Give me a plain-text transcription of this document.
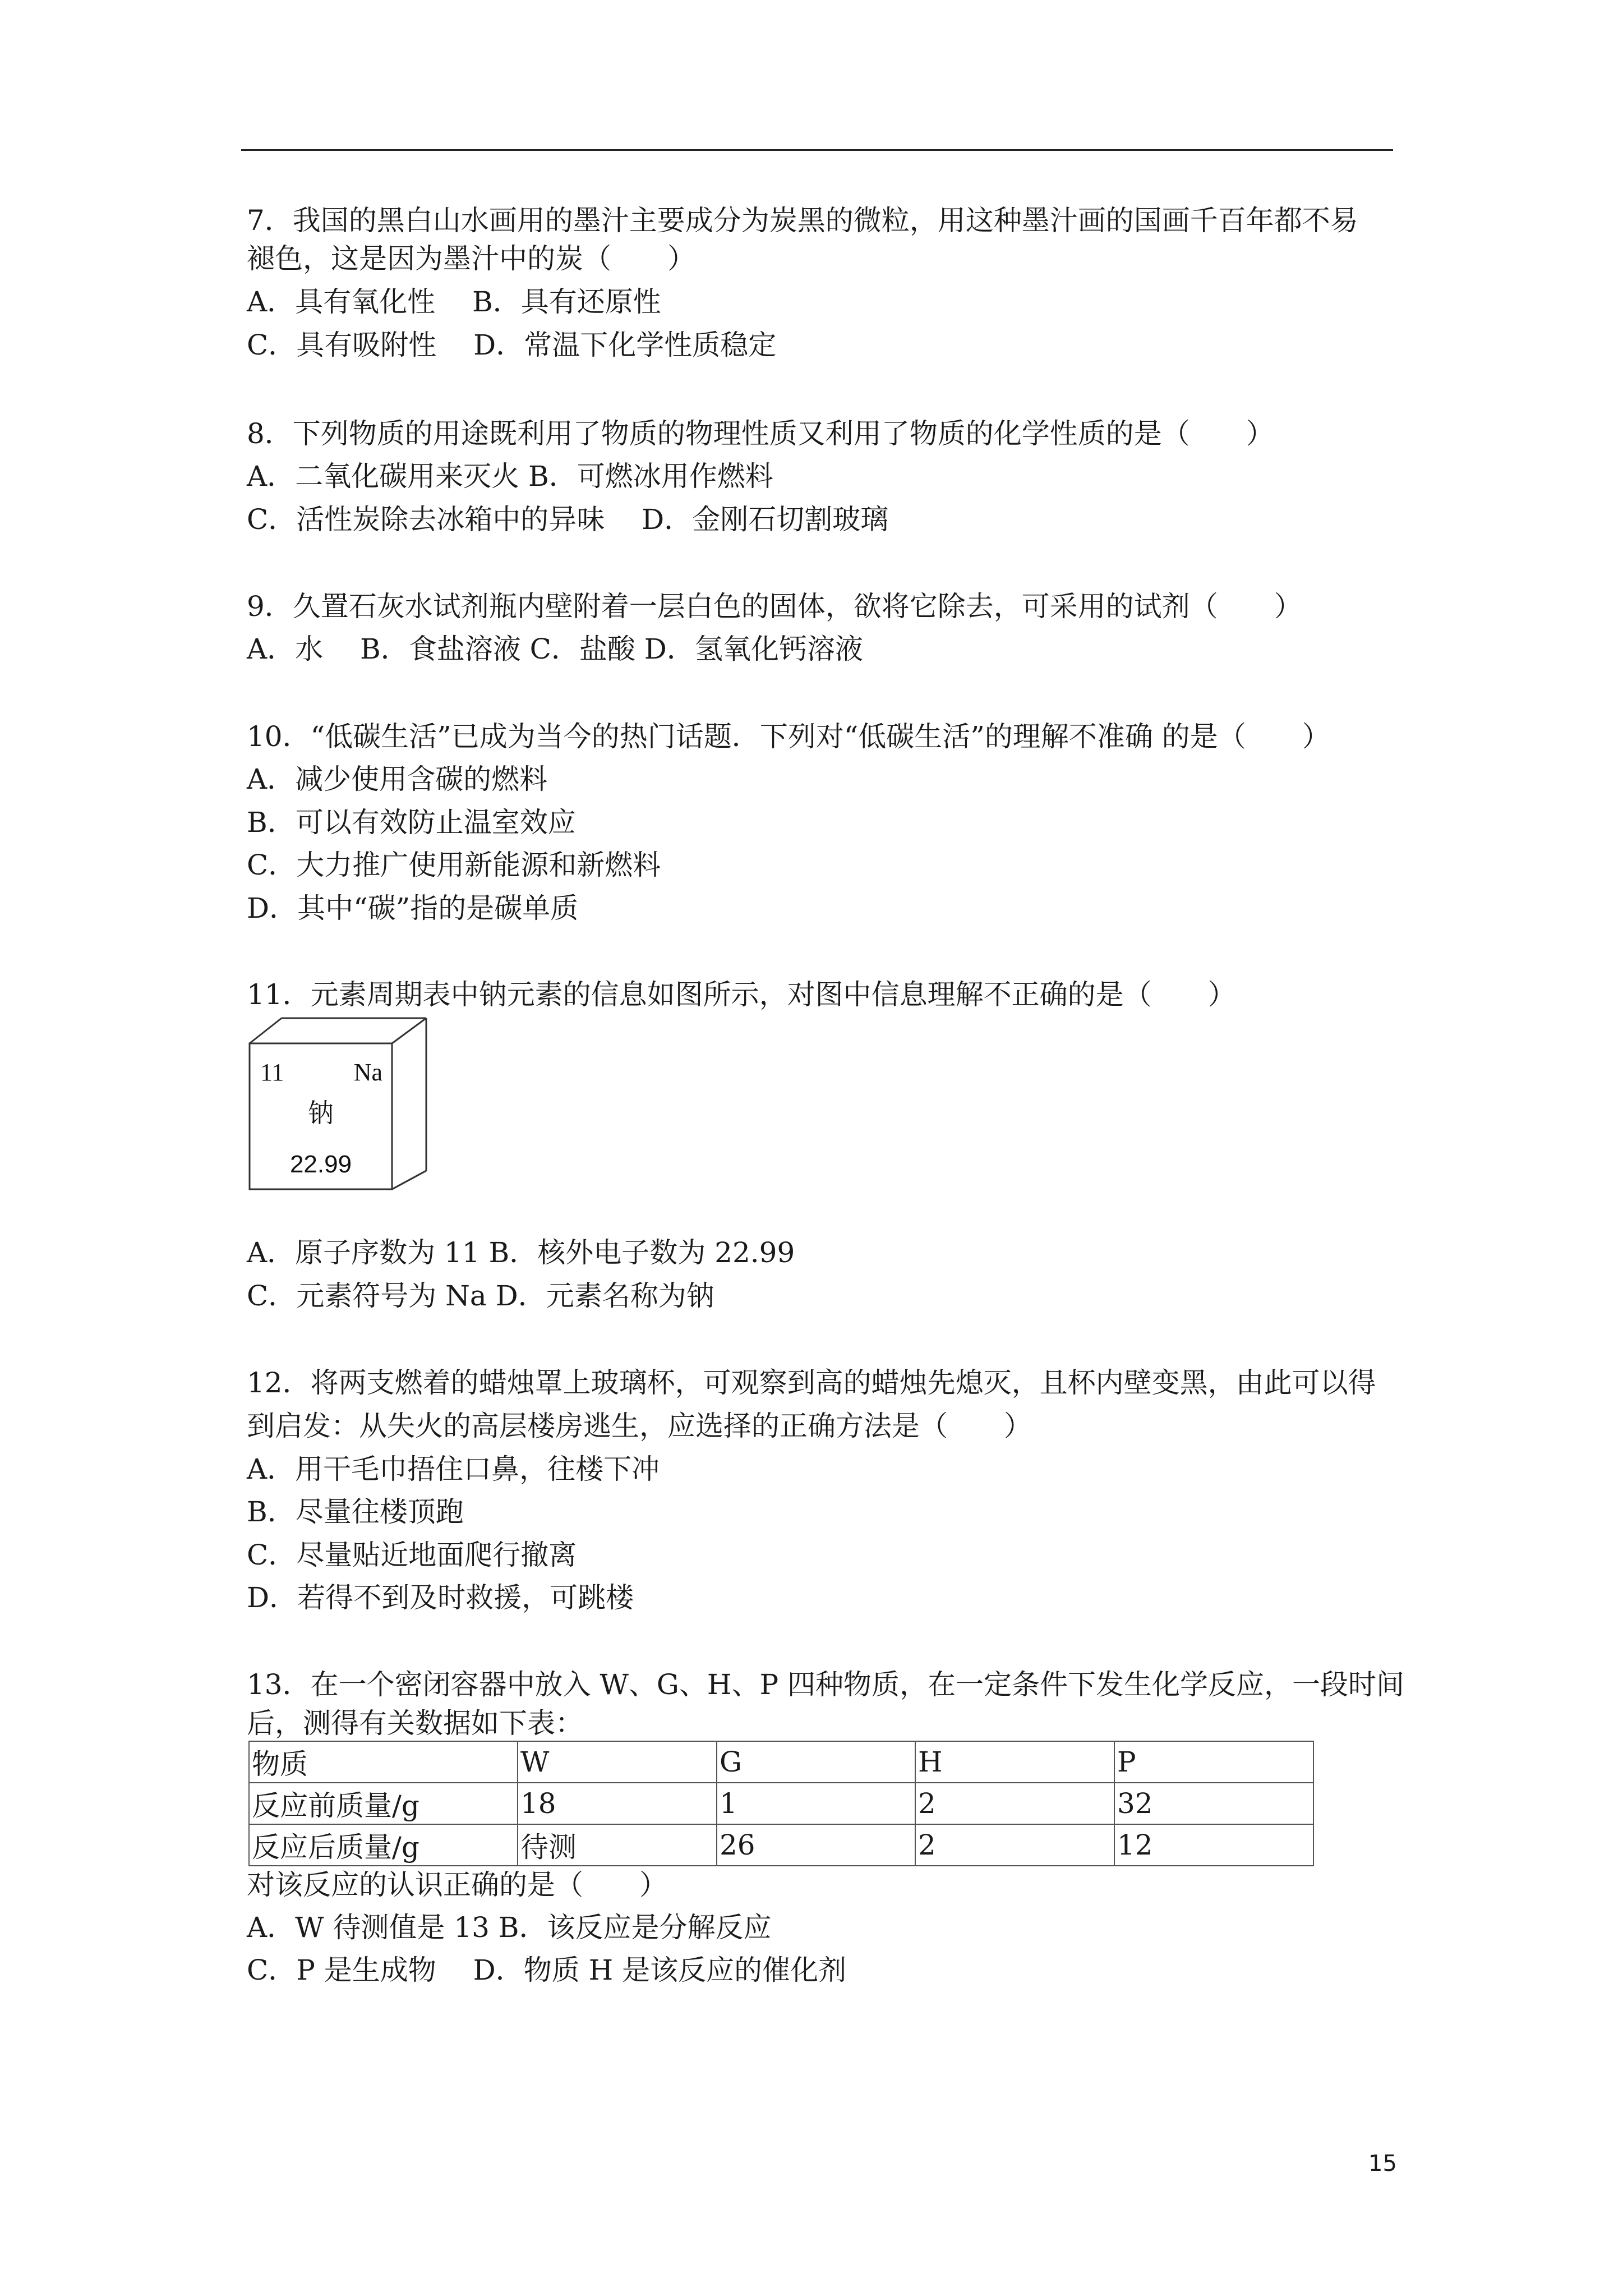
7．我国的黑白山水画用的墨汁主要成分为炭黑的微粒，用这种墨汁画的国画千百年都不易
褪色，这是因为墨汁中的炭（　　）
A．具有氧化性　 B．具有还原性
C．具有吸附性　 D．常温下化学性质稳定
8．下列物质的用途既利用了物质的物理性质又利用了物质的化学性质的是（　　）
A．二氧化碳用来灭火 B．可燃冰用作燃料
C．活性炭除去冰箱中的异味　 D．金刚石切割玻璃
9．久置石灰水试剂瓶内壁附着一层白色的固体，欲将它除去，可采用的试剂（　　）
A．水　 B．食盐溶液 C．盐酸 D．氢氧化钙溶液
10．“低碳生活”已成为当今的热门话题．下列对“低碳生活”的理解不准确 的是（　　）
A．减少使用含碳的燃料
B．可以有效防止温室效应
C．大力推广使用新能源和新燃料
D．其中“碳”指的是碳单质
11．元素周期表中钠元素的信息如图所示，对图中信息理解不正确的是（　　）
11	Na
钠
22.99
A．原子序数为 11 B．核外电子数为 22.99
C．元素符号为 Na D．元素名称为钠
12．将两支燃着的蜡烛罩上玻璃杯，可观察到高的蜡烛先熄灭，且杯内壁变黑，由此可以得
到启发：从失火的高层楼房逃生，应选择的正确方法是（　　）
A．用干毛巾捂住口鼻，往楼下冲
B．尽量往楼顶跑
C．尽量贴近地面爬行撤离
D．若得不到及时救援，可跳楼
13．在一个密闭容器中放入 W、G、H、P 四种物质，在一定条件下发生化学反应，一段时间
后，测得有关数据如下表：
物质	W	G	H	P
反应前质量/g	18	1	2	32
反应后质量/g	待测	26	2	12
对该反应的认识正确的是（　　）
A．W 待测值是 13 B．该反应是分解反应
C．P 是生成物　 D．物质 H 是该反应的催化剂
15
